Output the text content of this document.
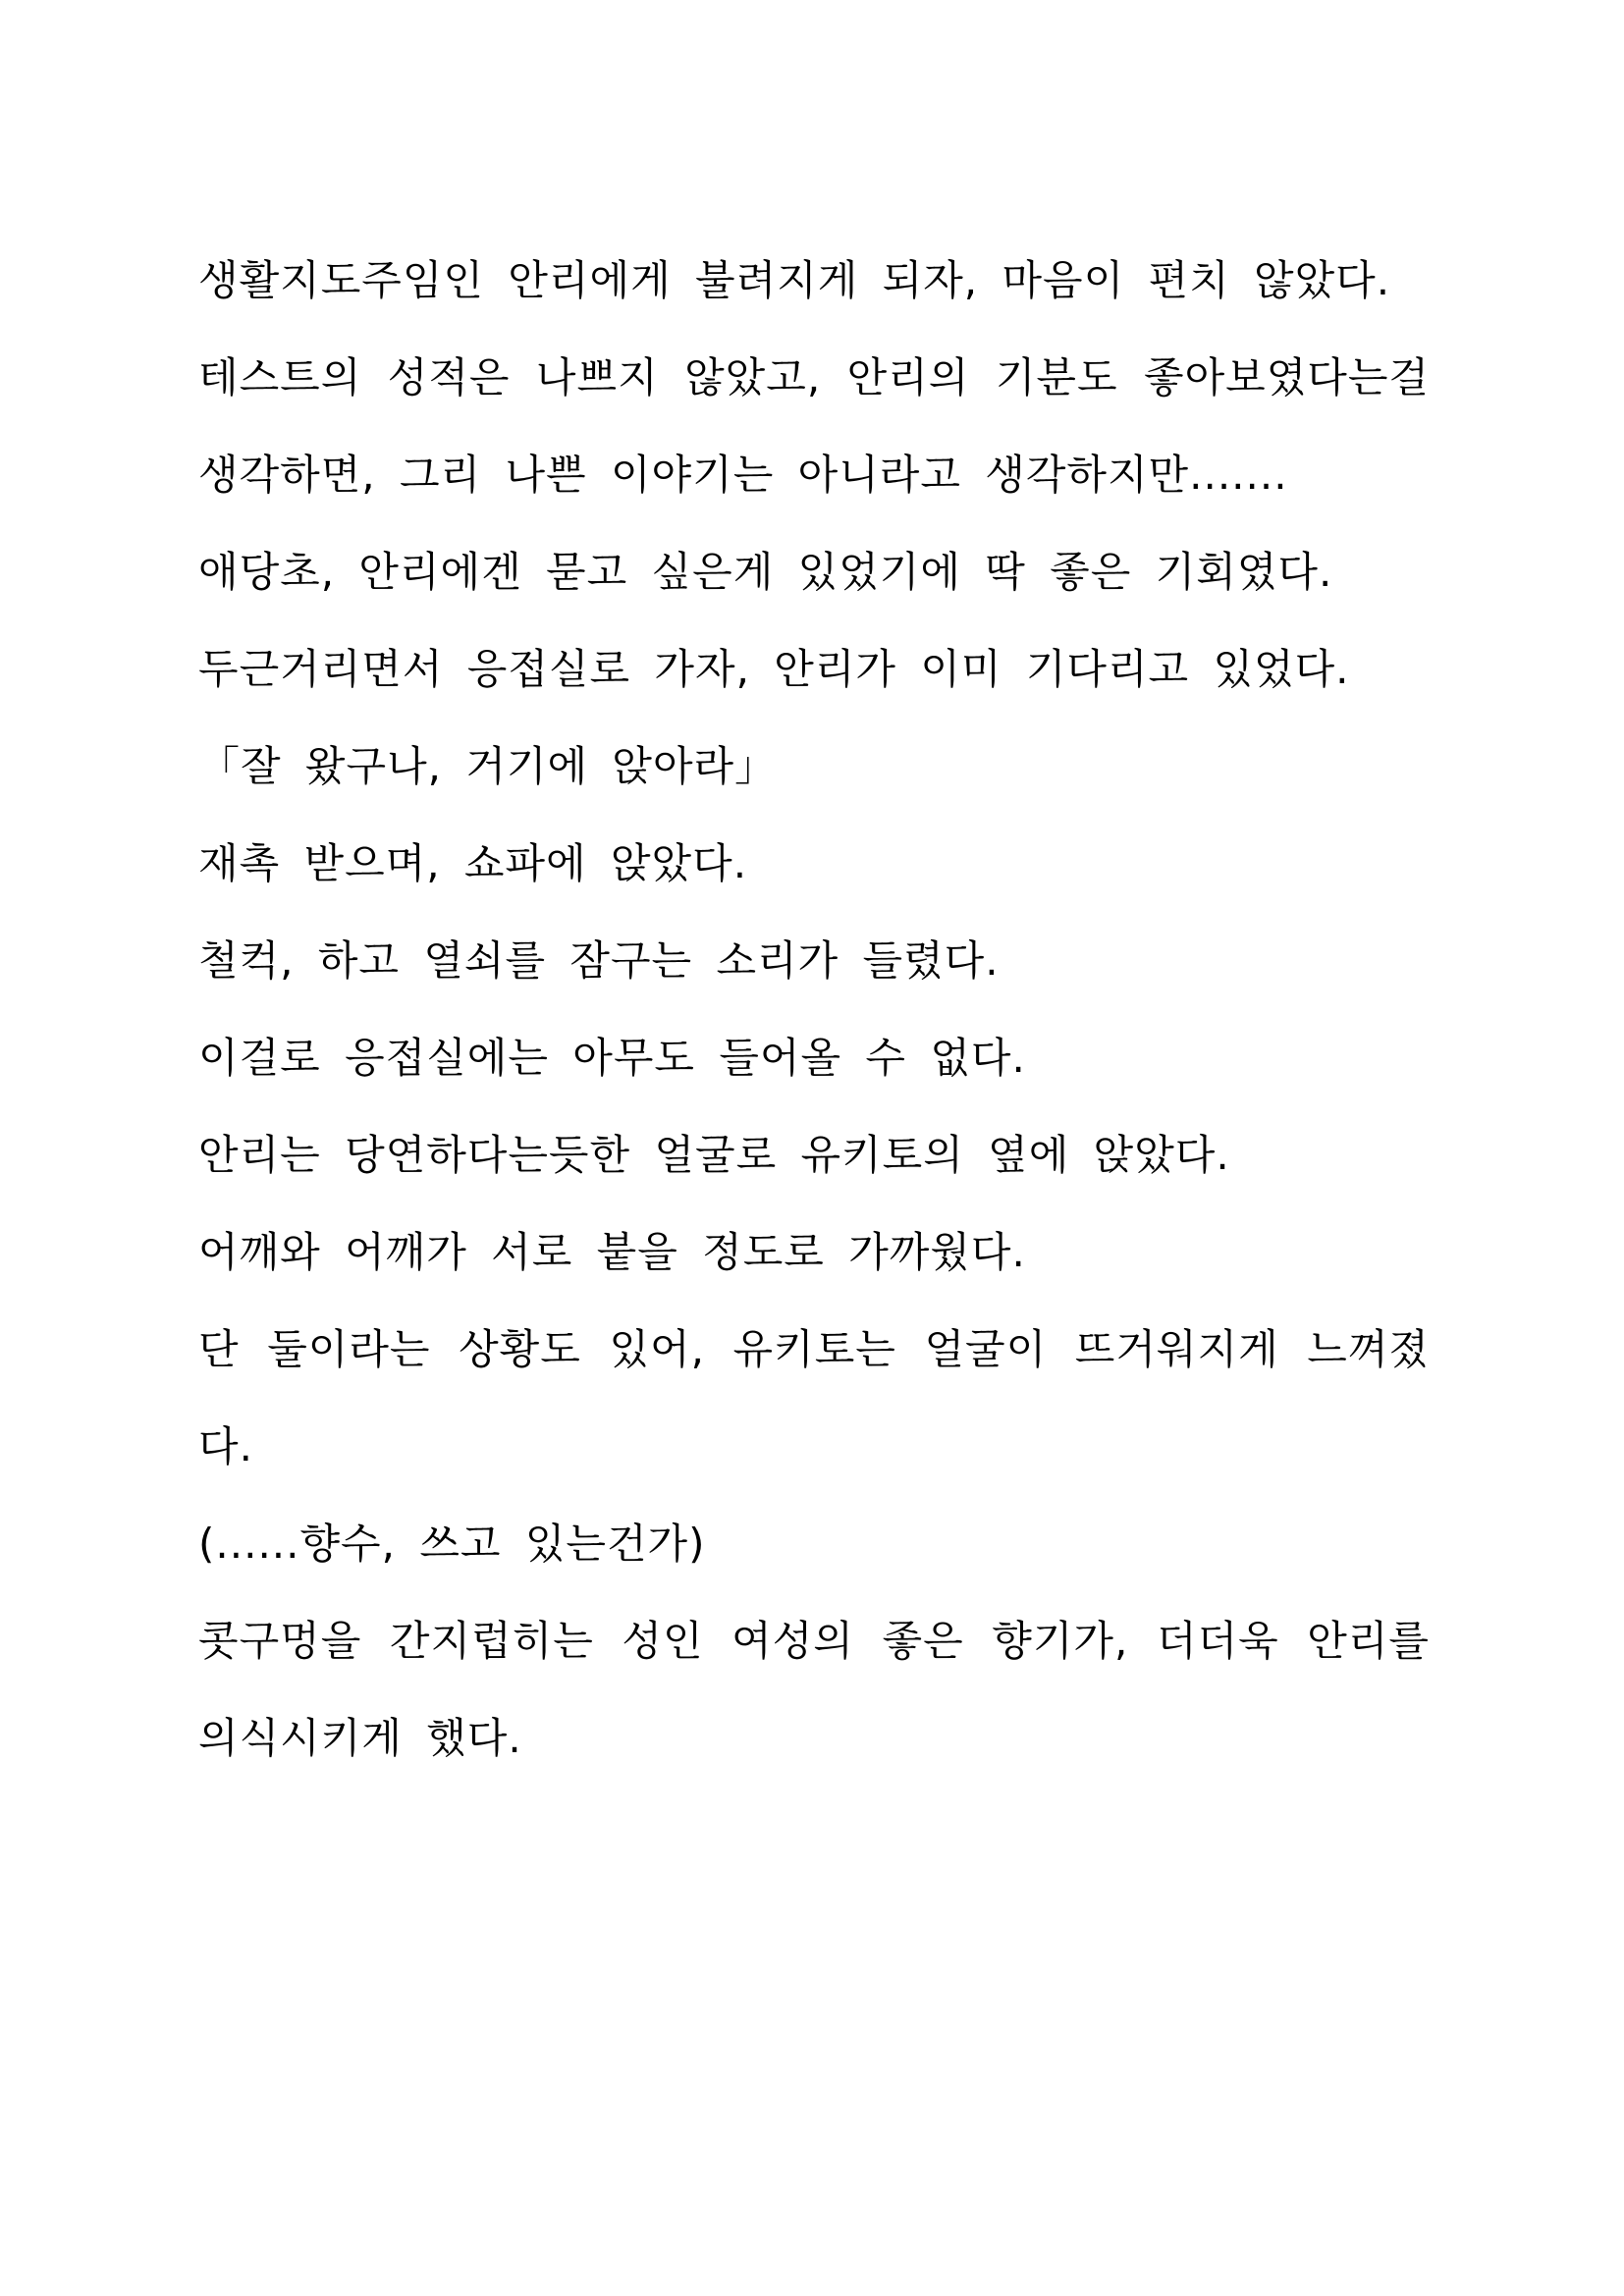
생활지도주임인 안리에게 불려지게 되자, 마음이 편치 않았다.

테스트의 성적은 나쁘지 않았고, 안리의 기분도 좋아보였다는걸 생각하면, 그리 나쁜 이야기는 아니라고 생각하지만.......

애당초, 안리에겐 묻고 싶은게 있었기에 딱 좋은 기회였다.

두근거리면서 응접실로 가자, 안리가 이미 기다리고 있었다.

「잘 왔구나, 거기에 앉아라」

재촉 받으며, 쇼파에 앉았다.

철컥, 하고 열쇠를 잠구는 소리가 들렸다.

이걸로 응접실에는 아무도 들어올 수 없다.

안리는 당연하다는듯한 얼굴로 유키토의 옆에 앉았다.

어깨와 어깨가 서로 붙을 정도로 가까웠다.

단 둘이라는 상황도 있어, 유키토는 얼굴이 뜨거워지게 느껴졌다.

(......향수, 쓰고 있는건가)

콧구멍을 간지럽히는 성인 여성의 좋은 향기가, 더더욱 안리를 의식시키게 했다.
